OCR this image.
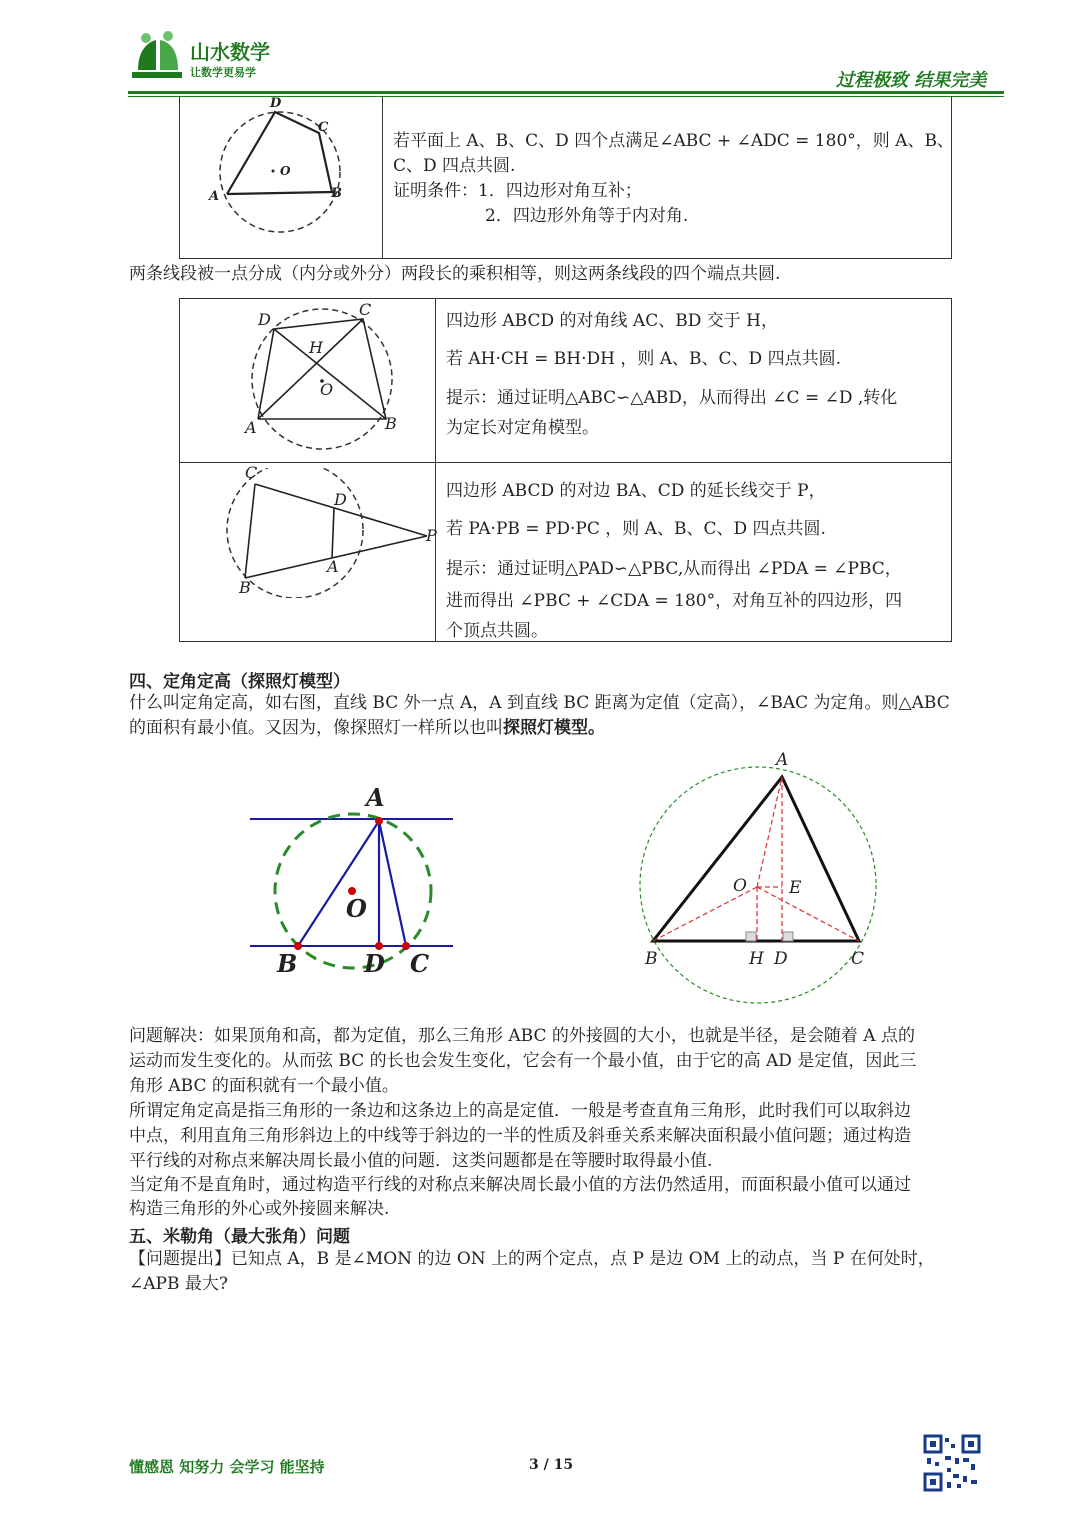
山水数学
让数学更易学	过程极致 结果完美
D
C
O
A	B
若平面上 A、B、C、D 四个点满足∠ABC + ∠ADC = 180°，则 A、B、
C、D 四点共圆.
证明条件：1．四边形对角互补；
2．四边形外角等于内对角.
两条线段被一点分成（内分或外分）两段长的乘积相等，则这两条线段的四个端点共圆.
D
C
H
O
A	B
四边形 ABCD 的对角线 AC、BD 交于 H，
若 AH·CH = BH·DH ，则 A、B、C、D 四点共圆.
提示：通过证明△ABC∽△ABD，从而得出 ∠C = ∠D ,转化
为定长对定角模型。
C
D
P
A
B
四边形 ABCD 的对边 BA、CD 的延长线交于 P，
若 PA·PB = PD·PC ，则 A、B、C、D 四点共圆.
提示：通过证明△PAD∽△PBC,从而得出 ∠PDA = ∠PBC，
进而得出 ∠PBC + ∠CDA = 180°，对角互补的四边形，四
个顶点共圆。
四、定角定高（探照灯模型）
什么叫定角定高，如右图，直线 BC 外一点 A，A 到直线 BC 距离为定值（定高），∠BAC 为定角。则△ABC
的面积有最小值。又因为，像探照灯一样所以也叫探照灯模型。
A
O
B	D C
A
O E
B	H D	C
问题解决：如果顶角和高，都为定值，那么三角形 ABC 的外接圆的大小，也就是半径，是会随着 A 点的
运动而发生变化的。从而弦 BC 的长也会发生变化，它会有一个最小值，由于它的高 AD 是定值，因此三
角形 ABC 的面积就有一个最小值。
所谓定角定高是指三角形的一条边和这条边上的高是定值．一般是考查直角三角形，此时我们可以取斜边
中点，利用直角三角形斜边上的中线等于斜边的一半的性质及斜垂关系来解决面积最小值问题；通过构造
平行线的对称点来解决周长最小值的问题．这类问题都是在等腰时取得最小值.
当定角不是直角时，通过构造平行线的对称点来解决周长最小值的方法仍然适用，而面积最小值可以通过
构造三角形的外心或外接圆来解决.
五、米勒角（最大张角）问题
【问题提出】已知点 A，B 是∠MON 的边 ON 上的两个定点，点 P 是边 OM 上的动点，当 P 在何处时，
∠APB 最大?
懂感恩 知努力 会学习 能坚持	3 / 15
